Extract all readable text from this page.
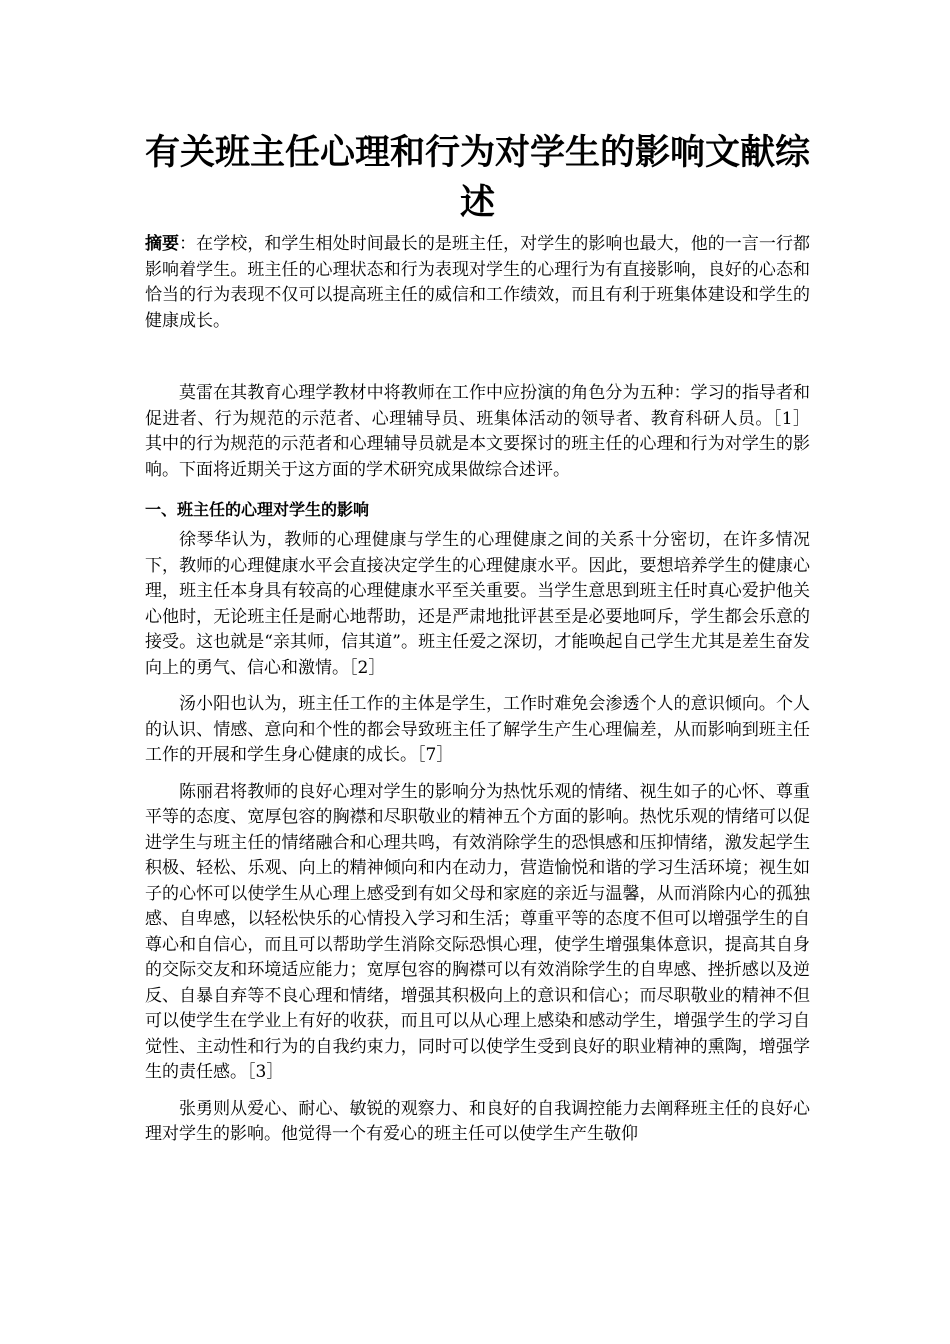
有关班主任心理和行为对学生的影响文献综述

摘要：在学校，和学生相处时间最长的是班主任，对学生的影响也最大，他的一言一行都影响着学生。班主任的心理状态和行为表现对学生的心理行为有直接影响，良好的心态和恰当的行为表现不仅可以提高班主任的威信和工作绩效，而且有利于班集体建设和学生的健康成长。

莫雷在其教育心理学教材中将教师在工作中应扮演的角色分为五种：学习的指导者和促进者、行为规范的示范者、心理辅导员、班集体活动的领导者、教育科研人员。［1］其中的行为规范的示范者和心理辅导员就是本文要探讨的班主任的心理和行为对学生的影响。下面将近期关于这方面的学术研究成果做综合述评。

一、班主任的心理对学生的影响

徐琴华认为，教师的心理健康与学生的心理健康之间的关系十分密切，在许多情况下，教师的心理健康水平会直接决定学生的心理健康水平。因此，要想培养学生的健康心理，班主任本身具有较高的心理健康水平至关重要。当学生意思到班主任时真心爱护他关心他时，无论班主任是耐心地帮助，还是严肃地批评甚至是必要地呵斥，学生都会乐意的接受。这也就是“亲其师，信其道”。班主任爱之深切，才能唤起自己学生尤其是差生奋发向上的勇气、信心和激情。［2］

汤小阳也认为，班主任工作的主体是学生，工作时难免会渗透个人的意识倾向。个人的认识、情感、意向和个性的都会导致班主任了解学生产生心理偏差，从而影响到班主任工作的开展和学生身心健康的成长。［7］

陈丽君将教师的良好心理对学生的影响分为热忱乐观的情绪、视生如子的心怀、尊重平等的态度、宽厚包容的胸襟和尽职敬业的精神五个方面的影响。热忱乐观的情绪可以促进学生与班主任的情绪融合和心理共鸣，有效消除学生的恐惧感和压抑情绪，激发起学生积极、轻松、乐观、向上的精神倾向和内在动力，营造愉悦和谐的学习生活环境；视生如子的心怀可以使学生从心理上感受到有如父母和家庭的亲近与温馨，从而消除内心的孤独感、自卑感，以轻松快乐的心情投入学习和生活；尊重平等的态度不但可以增强学生的自尊心和自信心，而且可以帮助学生消除交际恐惧心理，使学生增强集体意识，提高其自身的交际交友和环境适应能力；宽厚包容的胸襟可以有效消除学生的自卑感、挫折感以及逆反、自暴自弃等不良心理和情绪，增强其积极向上的意识和信心；而尽职敬业的精神不但可以使学生在学业上有好的收获，而且可以从心理上感染和感动学生，增强学生的学习自觉性、主动性和行为的自我约束力，同时可以使学生受到良好的职业精神的熏陶，增强学生的责任感。［3］

张勇则从爱心、耐心、敏锐的观察力、和良好的自我调控能力去阐释班主任的良好心理对学生的影响。他觉得一个有爱心的班主任可以使学生产生敬仰
